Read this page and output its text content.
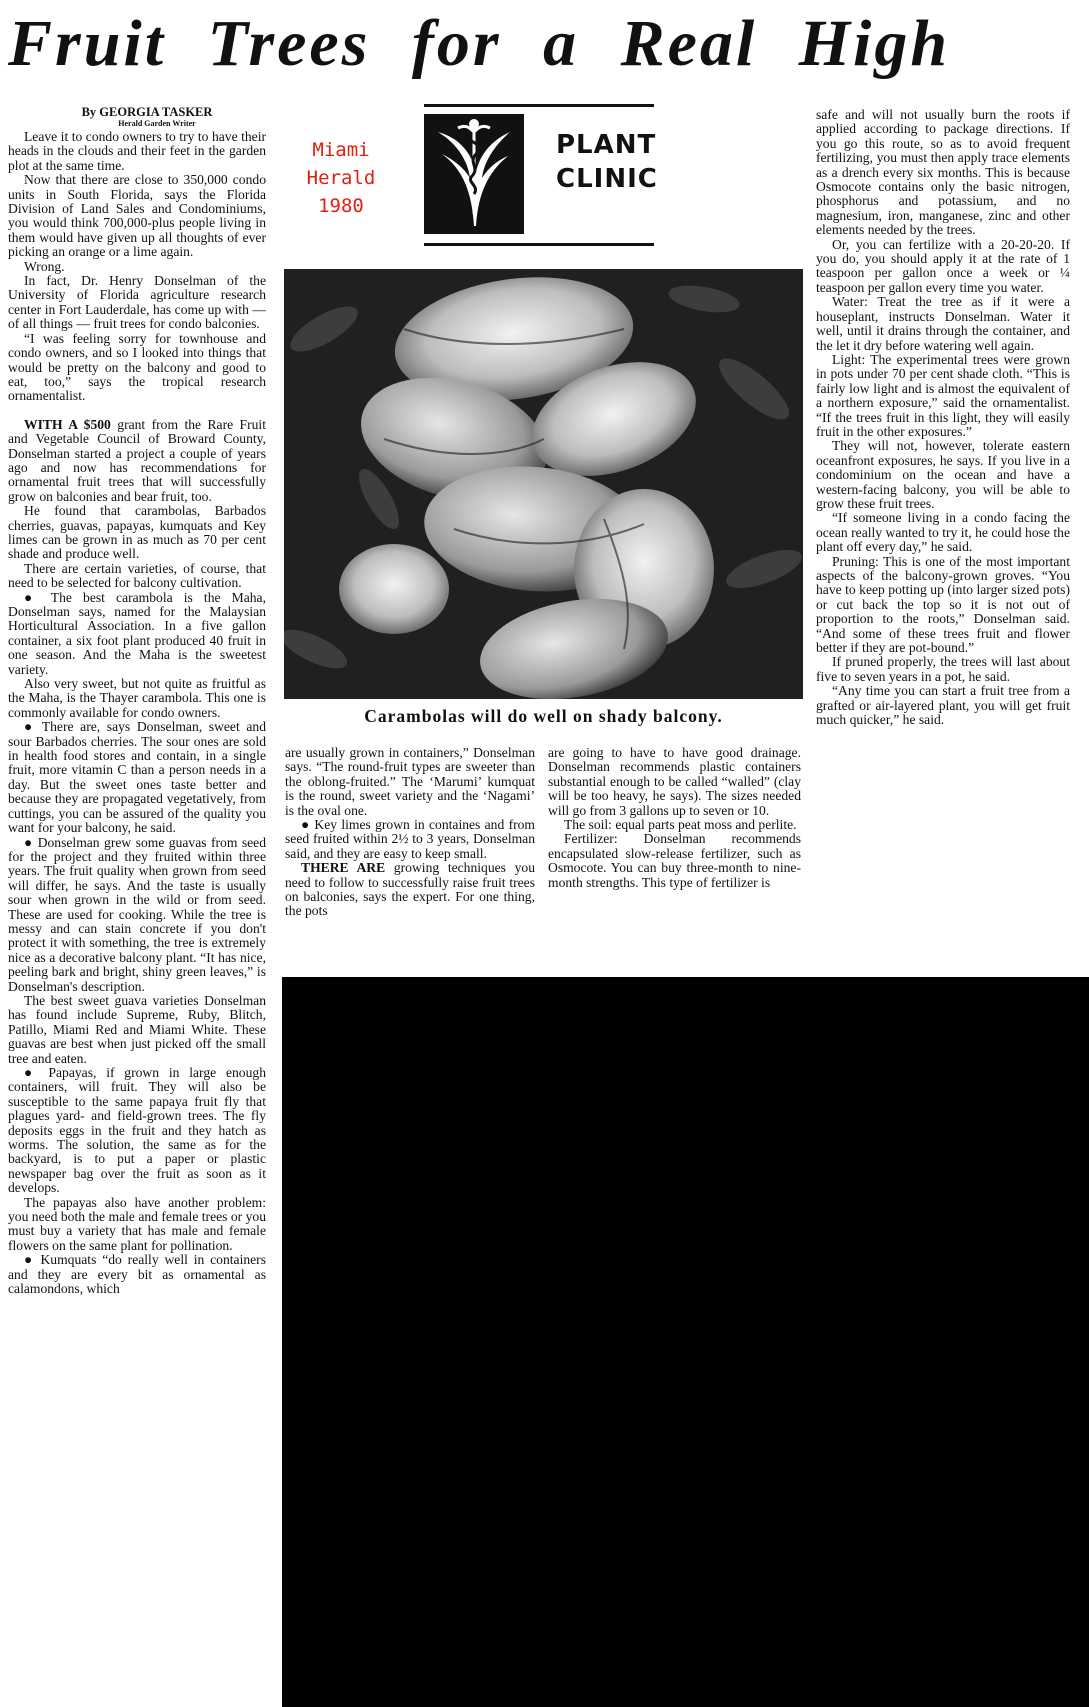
Fruit Trees for a Real High
By GEORGIA TASKER
Herald Garden Writer

Leave it to condo owners to try to have their heads in the clouds and their feet in the garden plot at the same time.

Now that there are close to 350,000 condo units in South Florida, says the Florida Division of Land Sales and Condominiums, you would think 700,000-plus people living in them would have given up all thoughts of ever picking an orange or a lime again.

Wrong.

In fact, Dr. Henry Donselman of the University of Florida agriculture research center in Fort Lauderdale, has come up with — of all things — fruit trees for condo balconies.

“I was feeling sorry for townhouse and condo owners, and so I looked into things that would be pretty on the balcony and good to eat, too,” says the tropical research ornamentalist.

WITH A $500 grant from the Rare Fruit and Vegetable Council of Broward County, Donselman started a project a couple of years ago and now has recommendations for ornamental fruit trees that will successfully grow on balconies and bear fruit, too.

He found that carambolas, Barbados cherries, guavas, papayas, kumquats and Key limes can be grown in as much as 70 per cent shade and produce well.

There are certain varieties, of course, that need to be selected for balcony cultivation.

● The best carambola is the Maha, Donselman says, named for the Malaysian Horticultural Association. In a five gallon container, a six foot plant produced 40 fruit in one season. And the Maha is the sweetest variety.

Also very sweet, but not quite as fruitful as the Maha, is the Thayer carambola. This one is commonly available for condo owners.

● There are, says Donselman, sweet and sour Barbados cherries. The sour ones are sold in health food stores and contain, in a single fruit, more vitamin C than a person needs in a day. But the sweet ones taste better and because they are propagated vegetatively, from cuttings, you can be assured of the quality you want for your balcony, he said.

● Donselman grew some guavas from seed for the project and they fruited within three years. The fruit quality when grown from seed will differ, he says. And the taste is usually sour when grown in the wild or from seed. These are used for cooking. While the tree is messy and can stain concrete if you don't protect it with something, the tree is extremely nice as a decorative balcony plant. “It has nice, peeling bark and bright, shiny green leaves,” is Donselman's description.

The best sweet guava varieties Donselman has found include Supreme, Ruby, Blitch, Patillo, Miami Red and Miami White. These guavas are best when just picked off the small tree and eaten.

● Papayas, if grown in large enough containers, will fruit. They will also be susceptible to the same papaya fruit fly that plagues yard- and field-grown trees. The fly deposits eggs in the fruit and they hatch as worms. The solution, the same as for the backyard, is to put a paper or plastic newspaper bag over the fruit as soon as it develops.

The papayas also have another problem: you need both the male and female trees or you must buy a variety that has male and female flowers on the same plant for pollination.

● Kumquats “do really well in containers and they are every bit as ornamental as calamondons, which

Miami
Herald
1980
PLANT
CLINIC

Carambolas will do well on shady balcony.

are usually grown in containers,” Donselman says. “The round-fruit types are sweeter than the oblong-fruited.” The ‘Marumi’ kumquat is the round, sweet variety and the ‘Nagami’ is the oval one.

● Key limes grown in containes and from seed fruited within 2½ to 3 years, Donselman said, and they are easy to keep small.

THERE ARE growing techniques you need to follow to successfully raise fruit trees on balconies, says the expert. For one thing, the pots

are going to have to have good drainage. Donselman recommends plastic containers substantial enough to be called “walled” (clay will be too heavy, he says). The sizes needed will go from 3 gallons up to seven or 10.

The soil: equal parts peat moss and perlite.

Fertilizer: Donselman recommends encapsulated slow-release fertilizer, such as Osmocote. You can buy three-month to nine-month strengths. This type of fertilizer is

safe and will not usually burn the roots if applied according to package directions. If you go this route, so as to avoid frequent fertilizing, you must then apply trace elements as a drench every six months. This is because Osmocote contains only the basic nitrogen, phosphorus and potassium, and no magnesium, iron, manganese, zinc and other elements needed by the trees.

Or, you can fertilize with a 20-20-20. If you do, you should apply it at the rate of 1 teaspoon per gallon once a week or ¼ teaspoon per gallon every time you water.

Water: Treat the tree as if it were a houseplant, instructs Donselman. Water it well, until it drains through the container, and the let it dry before watering well again.

Light: The experimental trees were grown in pots under 70 per cent shade cloth. “This is fairly low light and is almost the equivalent of a northern exposure,” said the ornamentalist. “If the trees fruit in this light, they will easily fruit in the other exposures.”

They will not, however, tolerate eastern oceanfront exposures, he says. If you live in a condominium on the ocean and have a western-facing balcony, you will be able to grow these fruit trees.

“If someone living in a condo facing the ocean really wanted to try it, he could hose the plant off every day,” he said.

Pruning: This is one of the most important aspects of the balcony-grown groves. “You have to keep potting up (into larger sized pots) or cut back the top so it is not out of proportion to the roots,” Donselman said. “And some of these trees fruit and flower better if they are pot-bound.”

If pruned properly, the trees will last about five to seven years in a pot, he said.

“Any time you can start a fruit tree from a grafted or air-layered plant, you will get fruit much quicker,” he said.
